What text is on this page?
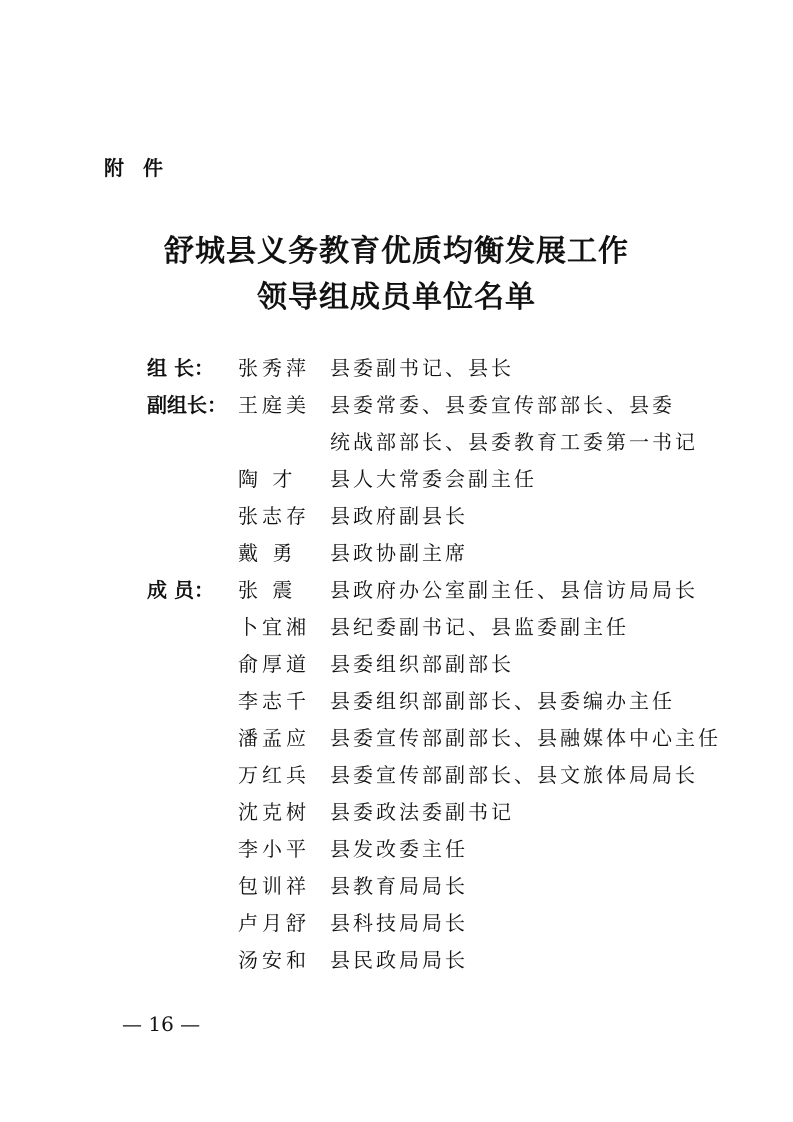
附 件
舒城县义务教育优质均衡发展工作
领导组成员单位名单
组 长：	张秀萍	县委副书记、县长
副组长： 王庭美	县委常委、县委宣传部部长、县委
统战部部长、县委教育工委第一书记
陶 才	县人大常委会副主任
张志存	县政府副县长
戴 勇	县政协副主席
成 员：	张 震	县政府办公室副主任、县信访局局长
卜宜湘	县纪委副书记、县监委副主任
俞厚道	县委组织部副部长
李志千	县委组织部副部长、县委编办主任
潘孟应	县委宣传部副部长、县融媒体中心主任
万红兵	县委宣传部副部长、县文旅体局局长
沈克树	县委政法委副书记
李小平	县发改委主任
包训祥	县教育局局长
卢月舒	县科技局局长
汤安和	县民政局局长
— 16 —
